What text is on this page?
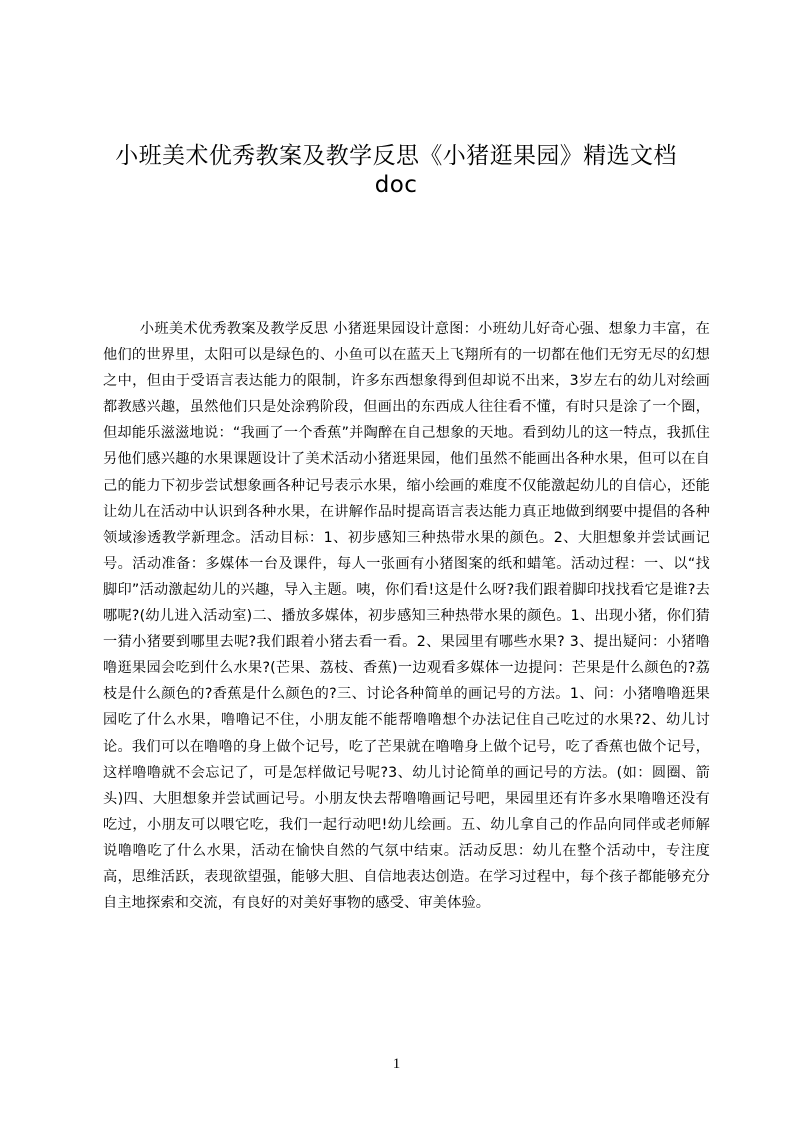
小班美术优秀教案及教学反思《小猪逛果园》精选文档doc

小班美术优秀教案及教学反思 小猪逛果园设计意图：小班幼儿好奇心强、想象力丰富，在他们的世界里，太阳可以是绿色的、小鱼可以在蓝天上飞翔所有的一切都在他们无穷无尽的幻想之中，但由于受语言表达能力的限制，许多东西想象得到但却说不出来，3岁左右的幼儿对绘画都教感兴趣，虽然他们只是处涂鸦阶段，但画出的东西成人往往看不懂，有时只是涂了一个圈，但却能乐滋滋地说：“我画了一个香蕉”并陶醉在自己想象的天地。看到幼儿的这一特点，我抓住另他们感兴趣的水果课题设计了美术活动小猪逛果园，他们虽然不能画出各种水果，但可以在自己的能力下初步尝试想象画各种记号表示水果，缩小绘画的难度不仅能激起幼儿的自信心，还能让幼儿在活动中认识到各种水果，在讲解作品时提高语言表达能力真正地做到纲要中提倡的各种领域渗透教学新理念。活动目标：1、初步感知三种热带水果的颜色。2、大胆想象并尝试画记号。活动准备：多媒体一台及课件，每人一张画有小猪图案的纸和蜡笔。活动过程：一、以“找脚印”活动激起幼儿的兴趣，导入主题。咦，你们看!这是什么呀?我们跟着脚印找找看它是谁?去哪呢?(幼儿进入活动室)二、播放多媒体，初步感知三种热带水果的颜色。1、出现小猪，你们猜一猜小猪要到哪里去呢?我们跟着小猪去看一看。2、果园里有哪些水果? 3、提出疑问：小猪噜噜逛果园会吃到什么水果?(芒果、荔枝、香蕉)一边观看多媒体一边提问：芒果是什么颜色的?荔枝是什么颜色的?香蕉是什么颜色的?三、讨论各种简单的画记号的方法。1、问：小猪噜噜逛果园吃了什么水果，噜噜记不住，小朋友能不能帮噜噜想个办法记住自己吃过的水果?2、幼儿讨论。我们可以在噜噜的身上做个记号，吃了芒果就在噜噜身上做个记号，吃了香蕉也做个记号，这样噜噜就不会忘记了，可是怎样做记号呢?3、幼儿讨论简单的画记号的方法。(如：圆圈、箭头)四、大胆想象并尝试画记号。小朋友快去帮噜噜画记号吧，果园里还有许多水果噜噜还没有吃过，小朋友可以喂它吃，我们一起行动吧!幼儿绘画。五、幼儿拿自己的作品向同伴或老师解说噜噜吃了什么水果，活动在愉快自然的气氛中结束。活动反思：幼儿在整个活动中，专注度高，思维活跃，表现欲望强，能够大胆、自信地表达创造。在学习过程中，每个孩子都能够充分自主地探索和交流，有良好的对美好事物的感受、审美体验。

1
